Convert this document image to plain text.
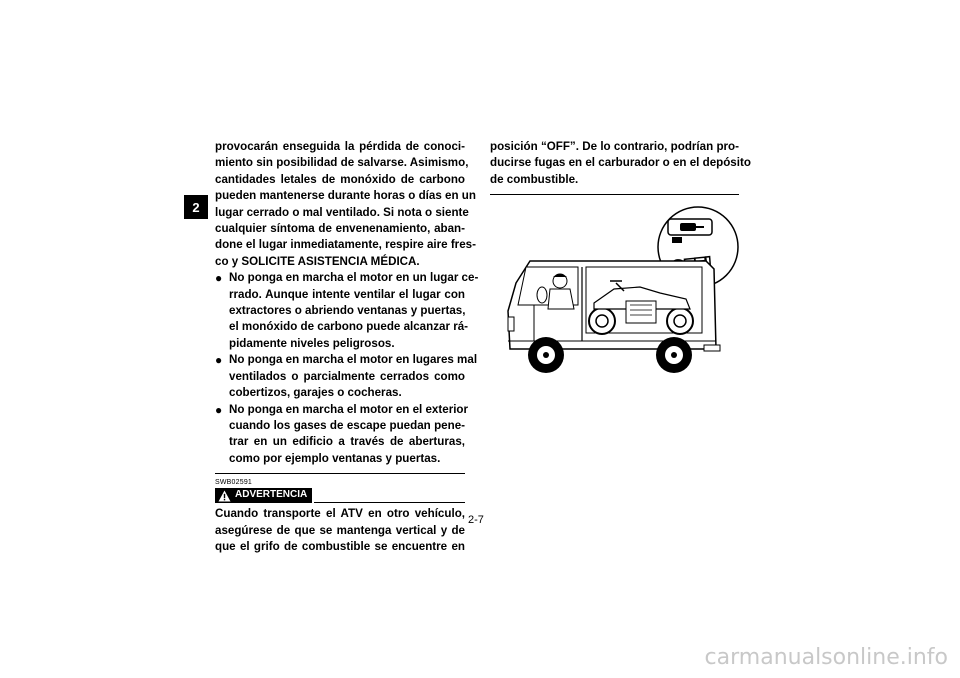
2
provocarán enseguida la pérdida de conoci-
miento sin posibilidad de salvarse. Asimismo,
cantidades letales de monóxido de carbono
pueden mantenerse durante horas o días en un
lugar cerrado o mal ventilado. Si nota o siente
cualquier síntoma de envenenamiento, aban-
done el lugar inmediatamente, respire aire fres-
co y SOLICITE ASISTENCIA MÉDICA.
● No ponga en marcha el motor en un lugar ce-
rrado. Aunque intente ventilar el lugar con
extractores o abriendo ventanas y puertas,
el monóxido de carbono puede alcanzar rá-
pidamente niveles peligrosos.
● No ponga en marcha el motor en lugares mal
ventilados o parcialmente cerrados como
cobertizos, garajes o cocheras.
● No ponga en marcha el motor en el exterior
cuando los gases de escape puedan pene-
trar en un edificio a través de aberturas,
como por ejemplo ventanas y puertas.
SWB02591
ADVERTENCIA
Cuando transporte el ATV en otro vehículo,
asegúrese de que se mantenga vertical y de
que el grifo de combustible se encuentre en
posición “OFF”. De lo contrario, podrían pro-
ducirse fugas en el carburador o en el depósito
de combustible.
2-7
carmanualsonline.info
